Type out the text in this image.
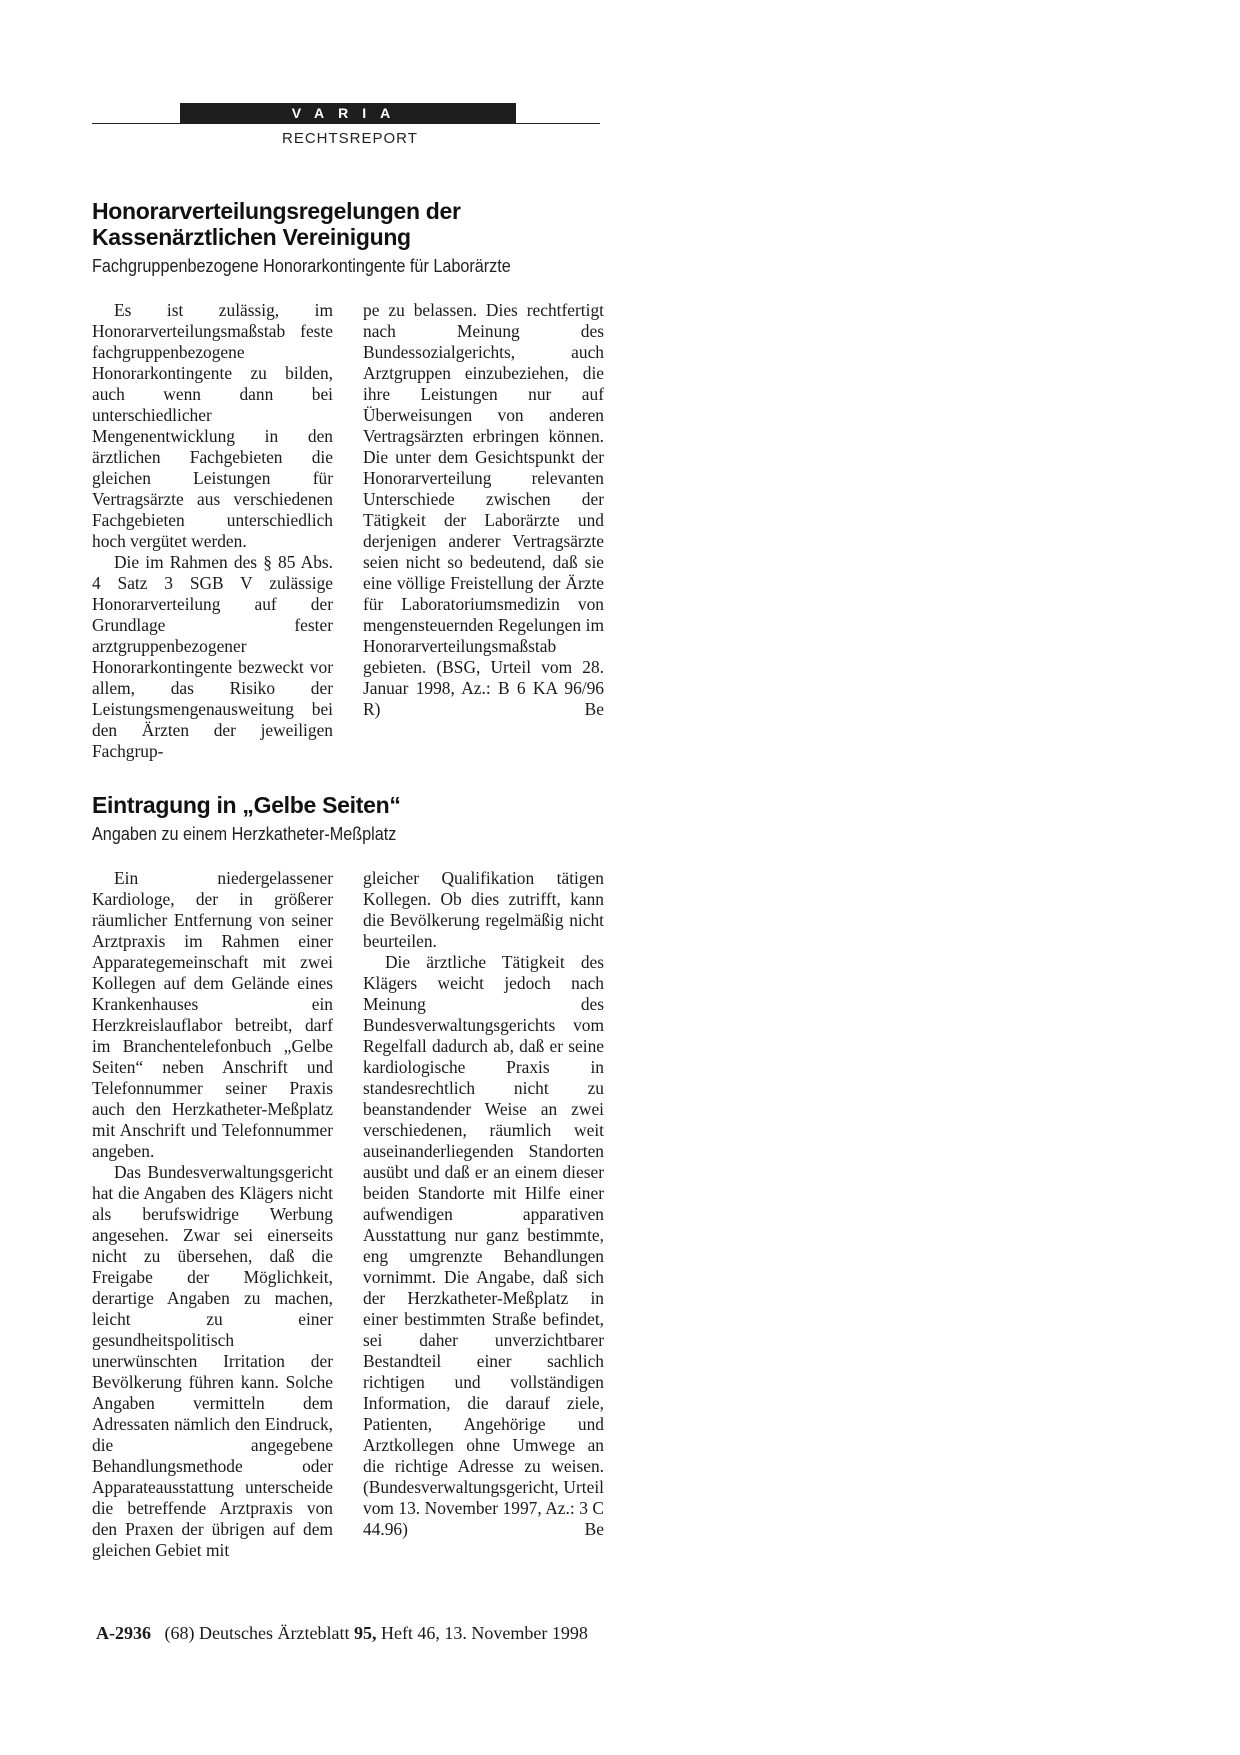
VARIA
RECHTSREPORT
Honorarverteilungsregelungen der Kassenärztlichen Vereinigung
Fachgruppenbezogene Honorarkontingente für Laborärzte

Es ist zulässig, im Honorarverteilungsmaßstab feste fachgruppenbezogene Honorarkontingente zu bilden, auch wenn dann bei unterschiedlicher Mengenentwicklung in den ärztlichen Fachgebieten die gleichen Leistungen für Vertragsärzte aus verschiedenen Fachgebieten unterschiedlich hoch vergütet werden.

Die im Rahmen des § 85 Abs. 4 Satz 3 SGB V zulässige Honorarverteilung auf der Grundlage fester arztgruppenbezogener Honorarkontingente bezweckt vor allem, das Risiko der Leistungsmengenausweitung bei den Ärzten der jeweiligen Fachgrup-

pe zu belassen. Dies rechtfertigt nach Meinung des Bundessozialgerichts, auch Arztgruppen einzubeziehen, die ihre Leistungen nur auf Überweisungen von anderen Vertragsärzten erbringen können. Die unter dem Gesichtspunkt der Honorarverteilung relevanten Unterschiede zwischen der Tätigkeit der Laborärzte und derjenigen anderer Vertragsärzte seien nicht so bedeutend, daß sie eine völlige Freistellung der Ärzte für Laboratoriumsmedizin von mengensteuernden Regelungen im Honorarverteilungsmaßstab gebieten. (BSG, Urteil vom 28. Januar 1998, Az.: B 6 KA 96/96 R)	Be
Eintragung in „Gelbe Seiten“
Angaben zu einem Herzkatheter-Meßplatz

Ein niedergelassener Kardiologe, der in größerer räumlicher Entfernung von seiner Arztpraxis im Rahmen einer Apparategemeinschaft mit zwei Kollegen auf dem Gelände eines Krankenhauses ein Herzkreislauflabor betreibt, darf im Branchentelefonbuch „Gelbe Seiten“ neben Anschrift und Telefonnummer seiner Praxis auch den Herzkatheter-Meßplatz mit Anschrift und Telefonnummer angeben.

Das Bundesverwaltungsgericht hat die Angaben des Klägers nicht als berufswidrige Werbung angesehen. Zwar sei einerseits nicht zu übersehen, daß die Freigabe der Möglichkeit, derartige Angaben zu machen, leicht zu einer gesundheitspolitisch unerwünschten Irritation der Bevölkerung führen kann. Solche Angaben vermitteln dem Adressaten nämlich den Eindruck, die angegebene Behandlungsmethode oder Apparateausstattung unterscheide die betreffende Arztpraxis von den Praxen der übrigen auf dem gleichen Gebiet mit

gleicher Qualifikation tätigen Kollegen. Ob dies zutrifft, kann die Bevölkerung regelmäßig nicht beurteilen.

Die ärztliche Tätigkeit des Klägers weicht jedoch nach Meinung des Bundesverwaltungsgerichts vom Regelfall dadurch ab, daß er seine kardiologische Praxis in standesrechtlich nicht zu beanstandender Weise an zwei verschiedenen, räumlich weit auseinanderliegenden Standorten ausübt und daß er an einem dieser beiden Standorte mit Hilfe einer aufwendigen apparativen Ausstattung nur ganz bestimmte, eng umgrenzte Behandlungen vornimmt. Die Angabe, daß sich der Herzkatheter-Meßplatz in einer bestimmten Straße befindet, sei daher unverzichtbarer Bestandteil einer sachlich richtigen und vollständigen Information, die darauf ziele, Patienten, Angehörige und Arztkollegen ohne Umwege an die richtige Adresse zu weisen. (Bundesverwaltungsgericht, Urteil vom 13. November 1997, Az.: 3 C 44.96)	Be
A-2936 (68) Deutsches Ärzteblatt 95, Heft 46, 13. November 1998
